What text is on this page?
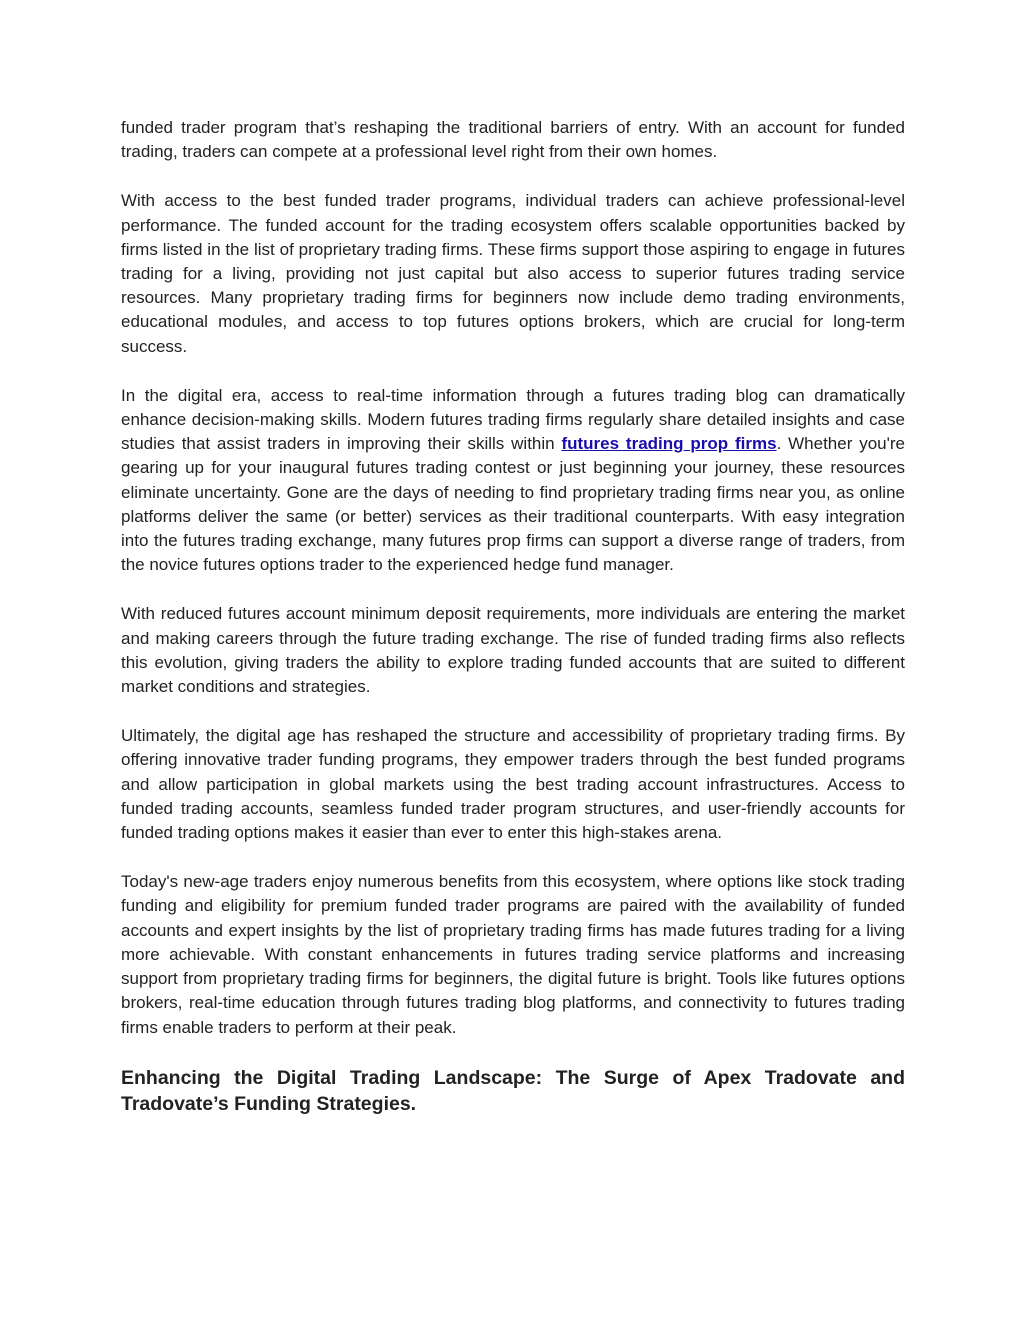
funded trader program that’s reshaping the traditional barriers of entry. With an account for funded trading, traders can compete at a professional level right from their own homes.

With access to the best funded trader programs, individual traders can achieve professional-level performance. The funded account for the trading ecosystem offers scalable opportunities backed by firms listed in the list of proprietary trading firms. These firms support those aspiring to engage in futures trading for a living, providing not just capital but also access to superior futures trading service resources. Many proprietary trading firms for beginners now include demo trading environments, educational modules, and access to top futures options brokers, which are crucial for long-term success.

In the digital era, access to real-time information through a futures trading blog can dramatically enhance decision-making skills. Modern futures trading firms regularly share detailed insights and case studies that assist traders in improving their skills within futures trading prop firms. Whether you're gearing up for your inaugural futures trading contest or just beginning your journey, these resources eliminate uncertainty. Gone are the days of needing to find proprietary trading firms near you, as online platforms deliver the same (or better) services as their traditional counterparts. With easy integration into the futures trading exchange, many futures prop firms can support a diverse range of traders, from the novice futures options trader to the experienced hedge fund manager.

With reduced futures account minimum deposit requirements, more individuals are entering the market and making careers through the future trading exchange. The rise of funded trading firms also reflects this evolution, giving traders the ability to explore trading funded accounts that are suited to different market conditions and strategies.

Ultimately, the digital age has reshaped the structure and accessibility of proprietary trading firms. By offering innovative trader funding programs, they empower traders through the best funded programs and allow participation in global markets using the best trading account infrastructures. Access to funded trading accounts, seamless funded trader program structures, and user-friendly accounts for funded trading options makes it easier than ever to enter this high-stakes arena.

Today's new-age traders enjoy numerous benefits from this ecosystem, where options like stock trading funding and eligibility for premium funded trader programs are paired with the availability of funded accounts and expert insights by the list of proprietary trading firms has made futures trading for a living more achievable. With constant enhancements in futures trading service platforms and increasing support from proprietary trading firms for beginners, the digital future is bright. Tools like futures options brokers, real-time education through futures trading blog platforms, and connectivity to futures trading firms enable traders to perform at their peak.

Enhancing the Digital Trading Landscape: The Surge of Apex Tradovate and Tradovate’s Funding Strategies.
